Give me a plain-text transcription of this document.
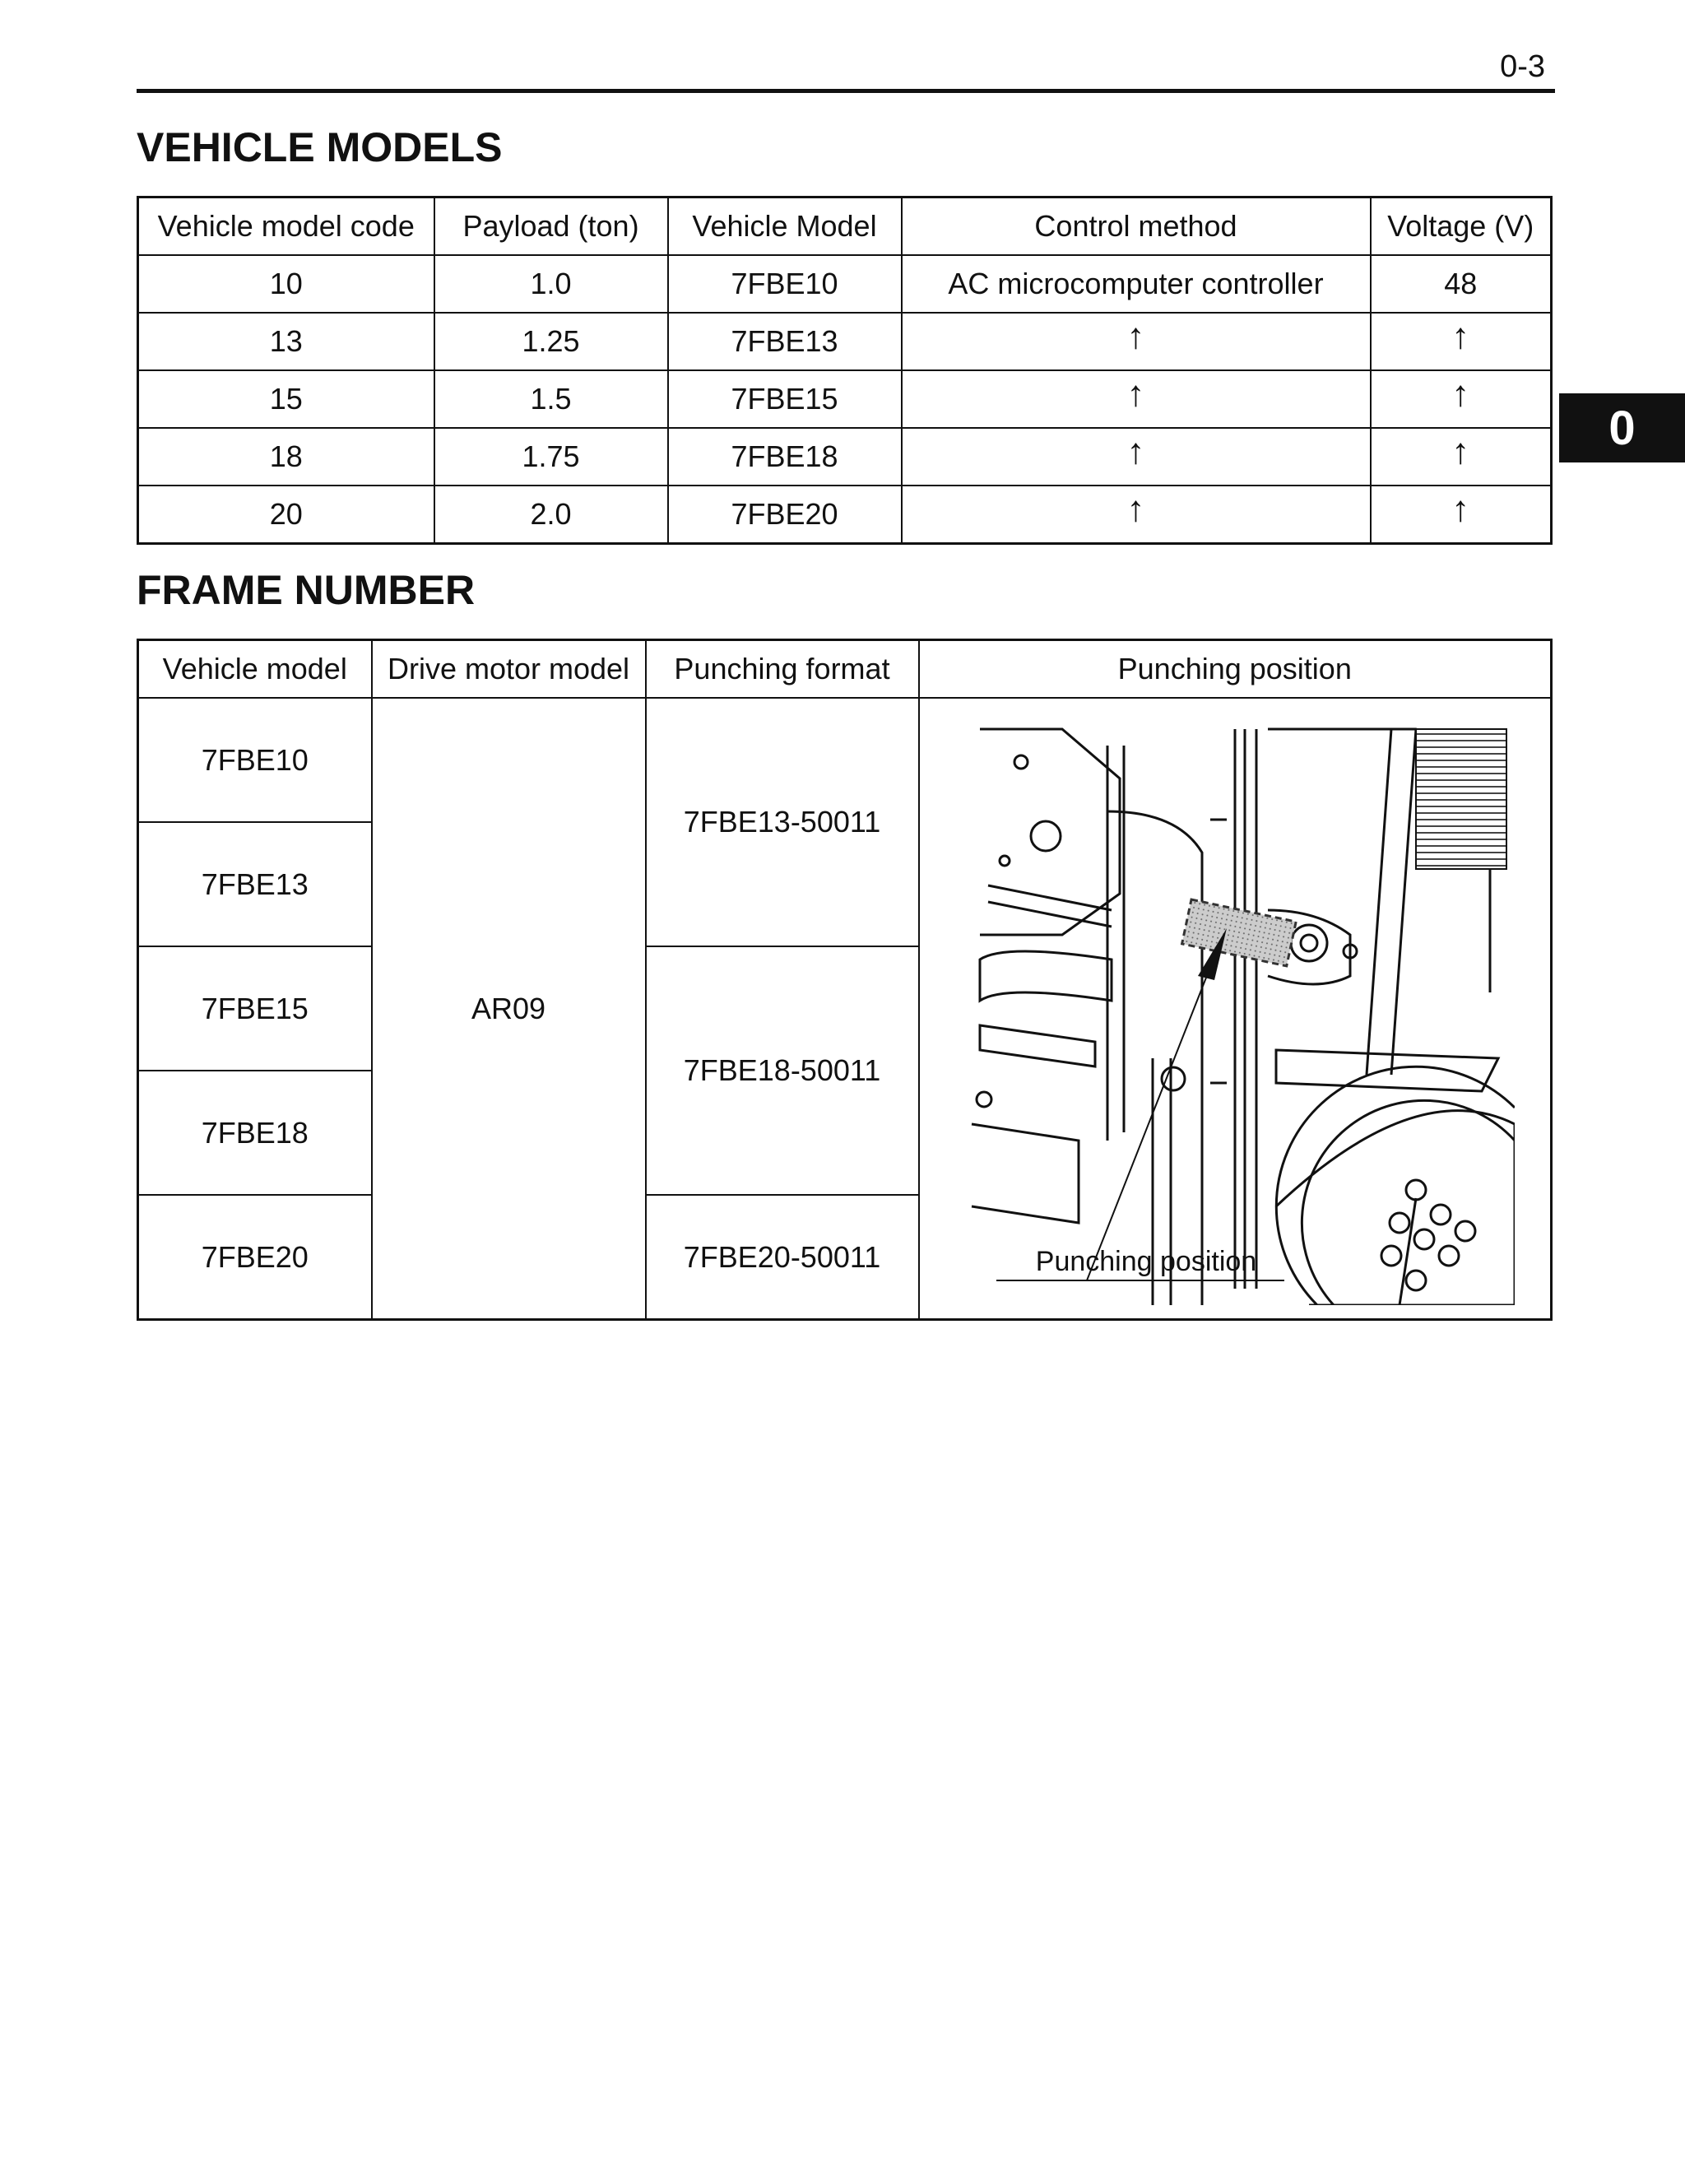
0-3
0
VEHICLE MODELS
Vehicle model code	Payload (ton)	Vehicle Model	Control method	Voltage (V)
10	1.0	7FBE10	AC microcomputer controller	48
13	1.25	7FBE13	↑	↑
15	1.5	7FBE15	↑	↑
18	1.75	7FBE18	↑	↑
20	2.0	7FBE20	↑	↑
FRAME NUMBER
Vehicle model	Drive motor model	Punching format	Punching position
7FBE10	AR09	7FBE13-50011	Punching position

7FBE13			
7FBE15		7FBE18-50011	
7FBE18			
7FBE20		7FBE20-50011	
